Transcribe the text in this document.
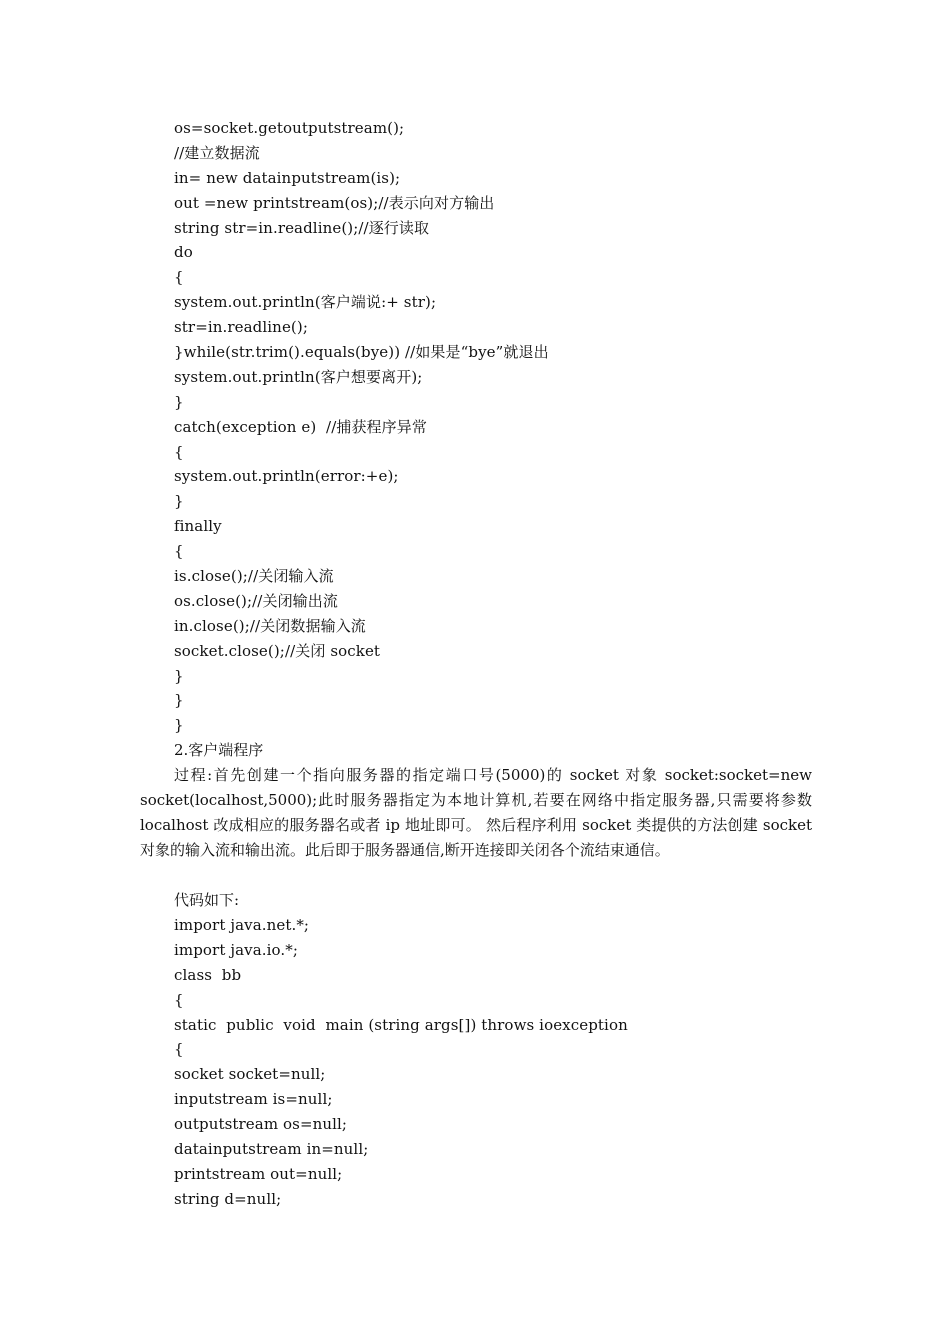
os=socket.getoutputstream();
//建立数据流
in= new datainputstream(is);
out =new printstream(os);//表示向对方输出
string str=in.readline();//逐行读取
do
{
system.out.println(客户端说:+ str);
str=in.readline();
}while(str.trim().equals(bye)) //如果是“bye”就退出
system.out.println(客户想要离开);
}
catch(exception e)  //捕获程序异常
{
system.out.println(error:+e);
}
finally
{
is.close();//关闭输入流
os.close();//关闭输出流
in.close();//关闭数据输入流
socket.close();//关闭 socket
}
}
}
2.客户端程序

过程:首先创建一个指向服务器的指定端口号(5000)的 socket 对象 socket:socket=new socket(localhost,5000);此时服务器指定为本地计算机,若要在网络中指定服务器,只需要将参数 localhost 改成相应的服务器名或者 ip 地址即可。 然后程序利用 socket 类提供的方法创建 socket 对象的输入流和输出流。此后即于服务器通信,断开连接即关闭各个流结束通信。

代码如下:
import java.net.*;
import java.io.*;
class  bb
{
static  public  void  main (string args[]) throws ioexception
{
socket socket=null;
inputstream is=null;
outputstream os=null;
datainputstream in=null;
printstream out=null;
string d=null;
